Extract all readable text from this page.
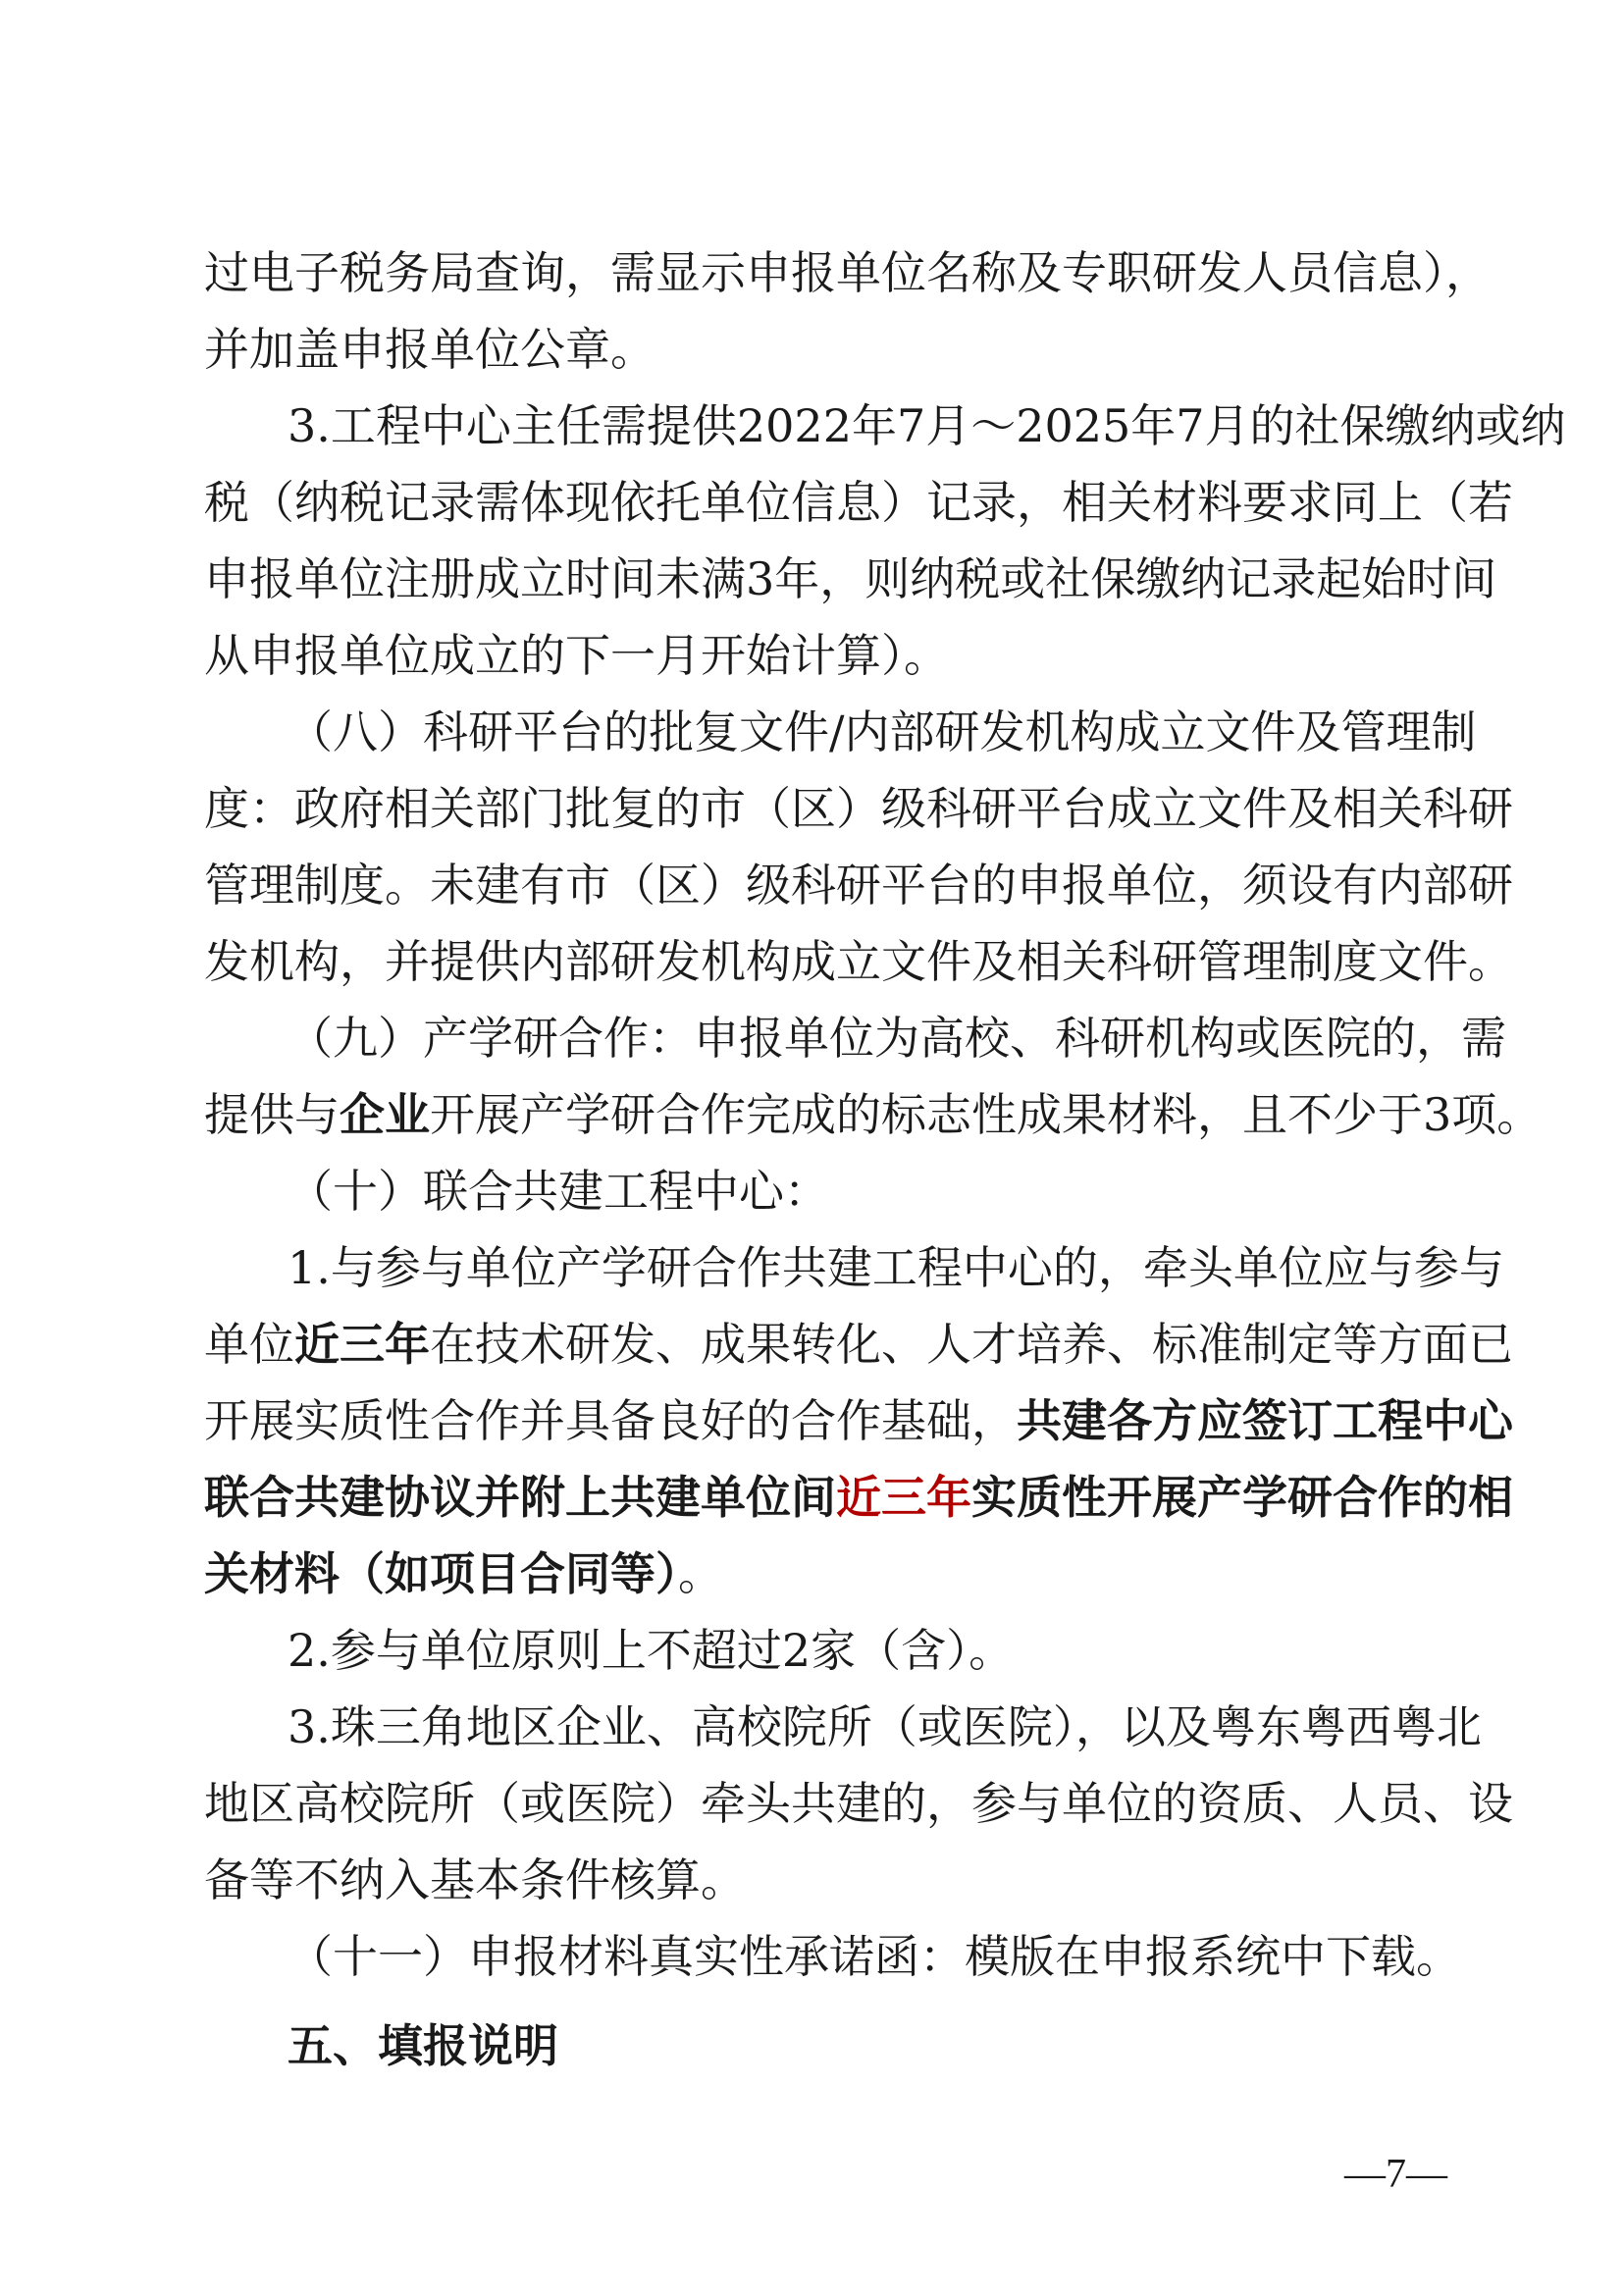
过电子税务局查询，需显示申报单位名称及专职研发人员信息），
并加盖申报单位公章。
3.工程中心主任需提供2022年7月～2025年7月的社保缴纳或纳
税（纳税记录需体现依托单位信息）记录，相关材料要求同上（若
申报单位注册成立时间未满3年，则纳税或社保缴纳记录起始时间
从申报单位成立的下一月开始计算）。
（八）科研平台的批复文件/内部研发机构成立文件及管理制
度：政府相关部门批复的市（区）级科研平台成立文件及相关科研
管理制度。未建有市（区）级科研平台的申报单位，须设有内部研
发机构，并提供内部研发机构成立文件及相关科研管理制度文件。
（九）产学研合作：申报单位为高校、科研机构或医院的，需
提供与企业开展产学研合作完成的标志性成果材料，且不少于3项。
（十）联合共建工程中心：
1.与参与单位产学研合作共建工程中心的，牵头单位应与参与
单位近三年在技术研发、成果转化、人才培养、标准制定等方面已
开展实质性合作并具备良好的合作基础，共建各方应签订工程中心
联合共建协议并附上共建单位间近三年实质性开展产学研合作的相
关材料（如项目合同等）。
2.参与单位原则上不超过2家（含）。
3.珠三角地区企业、高校院所（或医院），以及粤东粤西粤北
地区高校院所（或医院）牵头共建的，参与单位的资质、人员、设
备等不纳入基本条件核算。
（十一）申报材料真实性承诺函：模版在申报系统中下载。
五、填报说明
—7—
